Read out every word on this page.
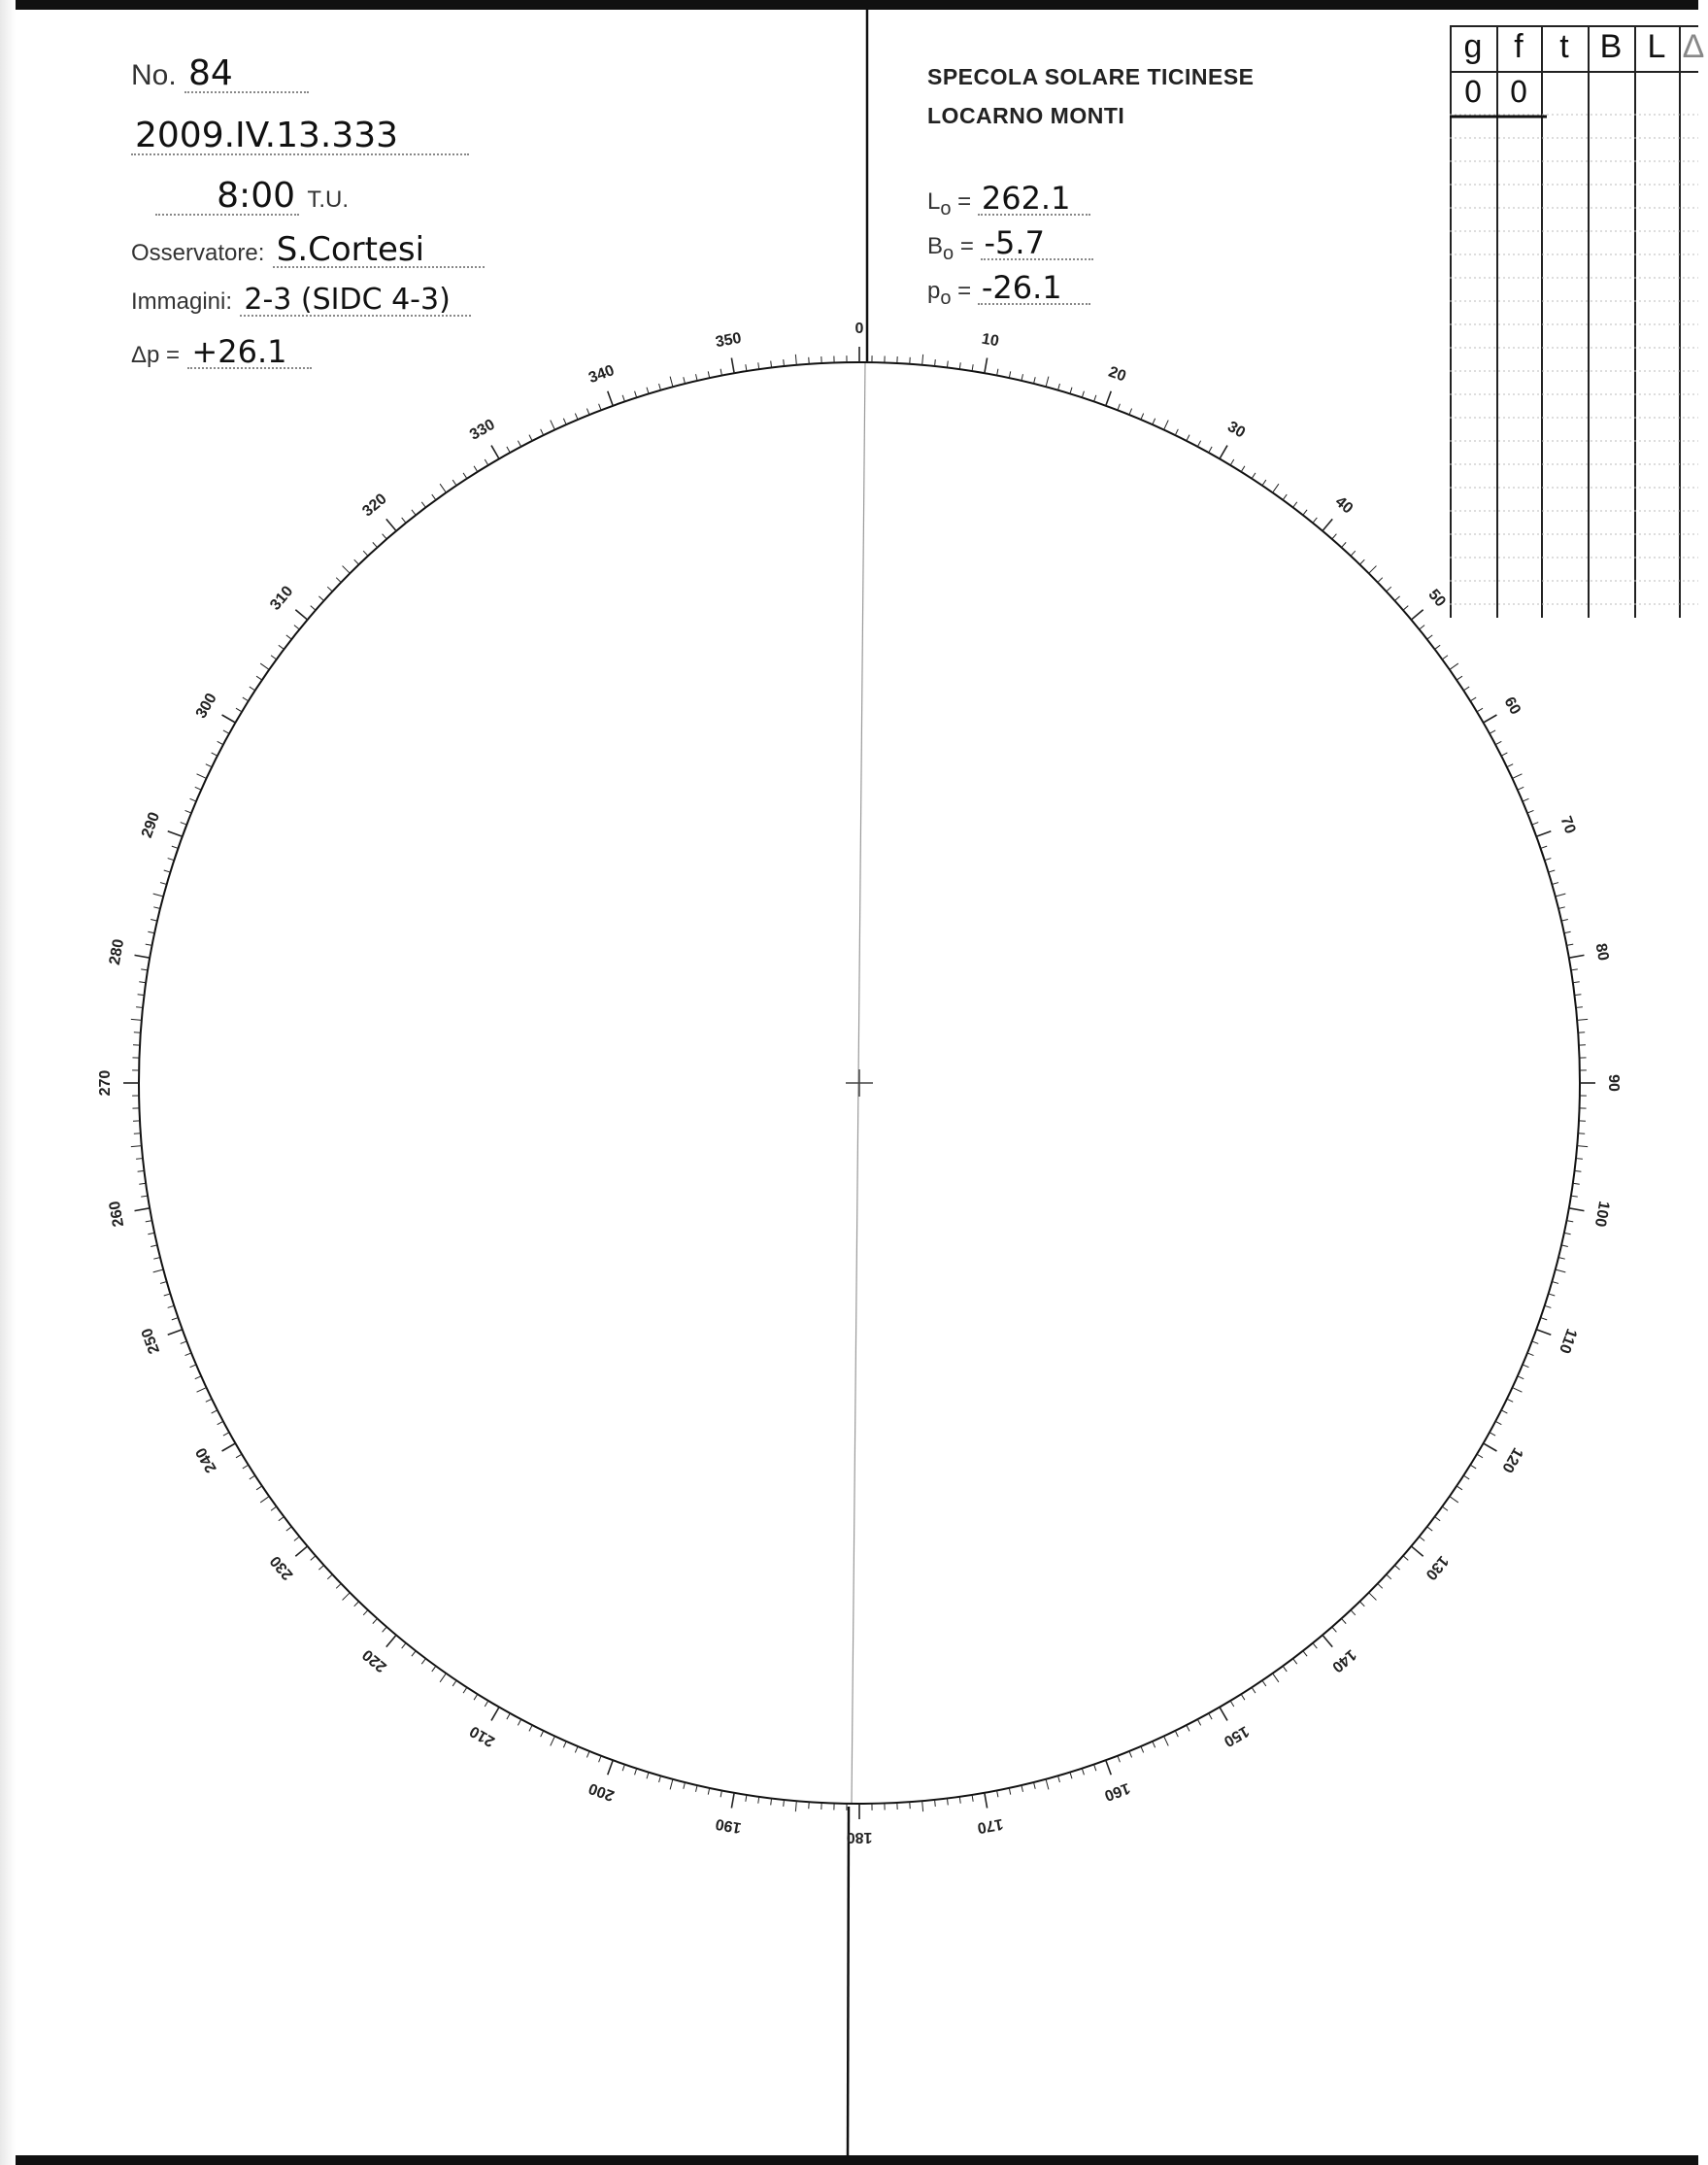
No. 84
2009.IV.13.333
8:00 T.U.
Osservatore: S.Cortesi
Immagini: 2-3 (SIDC 4-3)
Δp = +26.1
SPECOLA SOLARE TICINESE
LOCARNO MONTI
$L_o = 262.1$
$B_o = -5.7$
$p_o = -26.1$
0
10
20
30
40
50
60
70
80
90
100
110
120
130
140
150
160
170
180
190
200
210
220
230
240
250
260
270
280
290
300
310
320
330
340
350
g f	t B L Δ
0 0
